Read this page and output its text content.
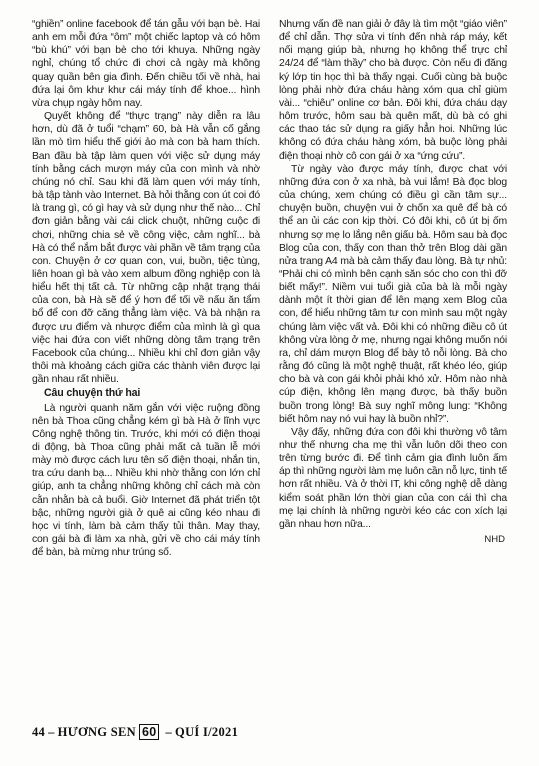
“ghiền” online facebook để tán gẫu với bạn bè. Hai anh em mỗi đứa “ôm” một chiếc laptop và có hôm “bù khú” với bạn bè cho tới khuya. Những ngày nghỉ, chúng tổ chức đi chơi cả ngày mà không quay quần bên gia đình. Đến chiều tối về nhà, hai đứa lại ôm khư khư cái máy tính để khoe... hình vừa chụp ngày hôm nay.

Quyết không để “thực trạng” này diễn ra lâu hơn, dù đã ở tuổi “chạm” 60, bà Hà vẫn cố gắng lần mò tìm hiểu thế giới ảo mà con bà ham thích. Ban đầu bà tập làm quen với việc sử dụng máy tính bằng cách mượn máy của con mình và nhờ chúng nó chỉ. Sau khi đã làm quen với máy tính, bà tập tành vào Internet. Bà hỏi thằng con út coi đó là trang gì, có gì hay và sử dụng như thế nào... Chỉ đơn giản bằng vài cái click chuột, những cuộc đi chơi, những chia sẻ về công việc, cảm nghĩ... bà Hà có thể nắm bắt được vài phần về tâm trạng của con. Chuyện ở cơ quan con, vui, buồn, tiệc tùng, liên hoan gì bà vào xem album đồng nghiệp con là hiểu hết thị tất cả. Từ những cập nhật trạng thái của con, bà Hà sẽ để ý hơn để tối về nấu ăn tẩm bổ để con đỡ căng thẳng làm việc. Và bà nhận ra được ưu điểm và nhược điểm của mình là gì qua việc hai đứa con viết những dòng tâm trạng trên Facebook của chúng... Nhiều khi chỉ đơn giản vậy thôi mà khoảng cách giữa các thành viên được lại gần nhau rất nhiều.

Câu chuyện thứ hai

Là người quanh năm gắn với việc ruộng đồng nên bà Thoa cũng chẳng kém gì bà Hà ở lĩnh vực Công nghệ thông tin. Trước, khi mới có điện thoại di động, bà Thoa cũng phải mất cả tuần lễ mới mày mò được cách lưu tên số điện thoại, nhắn tin, tra cứu danh bạ... Nhiều khi nhờ thằng con lớn chỉ giúp, anh ta chẳng những không chỉ cách mà còn cằn nhằn bà cả buổi. Giờ Internet đã phát triển tột bậc, những người già ở quê ai cũng kéo nhau đi học vi tính, làm bà cảm thấy tủi thân. May thay, con gái bà đi làm xa nhà, gửi về cho cái máy tính để bàn, bà mừng như trúng số.

Nhưng vấn đề nan giải ở đây là tìm một “giáo viên” để chỉ dẫn. Thợ sửa vi tính đến nhà ráp máy, kết nối mạng giúp bà, nhưng họ không thể trực chỉ 24/24 để “làm thầy” cho bà được. Còn nếu đi đăng ký lớp tin học thì bà thấy ngại. Cuối cùng bà buộc lòng phải nhờ đứa cháu hàng xóm qua chỉ giùm vài... “chiêu” online cơ bản. Đôi khi, đứa cháu dạy hôm trước, hôm sau bà quên mất, dù bà có ghi các thao tác sử dụng ra giấy hẳn hoi. Những lúc không có đứa cháu hàng xóm, bà buộc lòng phải điện thoại nhờ cô con gái ở xa “ứng cứu”.

Từ ngày vào được máy tính, được chat với những đứa con ở xa nhà, bà vui lắm! Bà đọc blog của chúng, xem chúng có điều gì cần tâm sự... chuyện buồn, chuyện vui ở chốn xa quê để bà có thể an ủi các con kịp thời. Có đôi khi, cô út bị ốm nhưng sợ mẹ lo lắng nên giấu bà. Hôm sau bà đọc Blog của con, thấy con than thở trên Blog dài gần nửa trang A4 mà bà cảm thấy đau lòng. Bà tự nhủ: “Phải chi có mình bên cạnh săn sóc cho con thì đỡ biết mấy!”. Niềm vui tuổi già của bà là mỗi ngày dành một ít thời gian để lên mạng xem Blog của con, để hiểu những tâm tư con mình sau một ngày chúng làm việc vất vả. Đôi khi có những điều cô út không vừa lòng ở mẹ, nhưng ngại không muốn nói ra, chỉ dám mượn Blog để bày tỏ nỗi lòng. Bà cho rằng đó cũng là một nghệ thuật, rất khéo léo, giúp cho bà và con gái khỏi phải khó xử. Hôm nào nhà cúp điện, không lên mạng được, bà thấy buồn buồn trong lòng! Bà suy nghĩ mông lung: “Không biết hôm nay nó vui hay là buồn nhỉ?”.

Vậy đấy, những đứa con đôi khi thường vô tâm như thế nhưng cha mẹ thì vẫn luôn dõi theo con trên từng bước đi. Để tình cảm gia đình luôn ấm áp thì những người làm mẹ luôn cần nỗ lực, tinh tế hơn rất nhiều. Và ở thời IT, khi công nghệ dễ dàng kiểm soát phần lớn thời gian của con cái thì cha mẹ lại chính là những người kéo các con xích lại gần nhau hơn nữa...

NHD
44 – HƯƠNG SEN 60 – QUÍ I/2021
